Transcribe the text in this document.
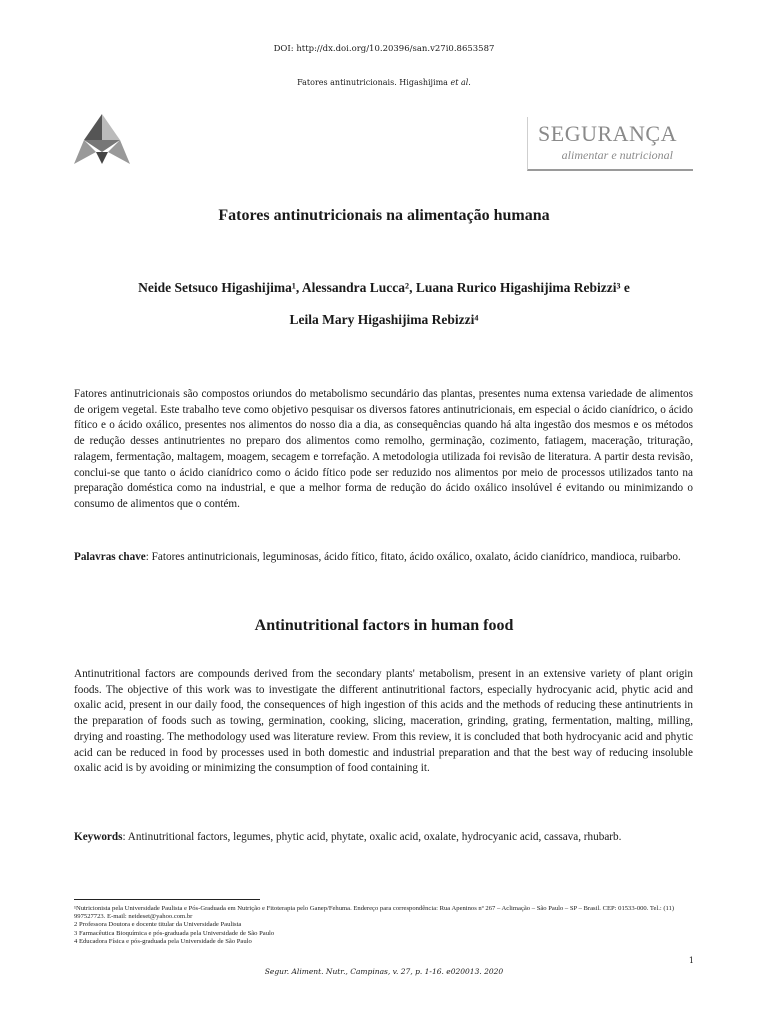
DOI: http://dx.doi.org/10.20396/san.v27i0.8653587
Fatores antinutricionais. Higashijima et al.
SEGURANÇA
alimentar e nutricional
Fatores antinutricionais na alimentação humana
Neide Setsuco Higashijima¹, Alessandra Lucca², Luana Rurico Higashijima Rebizzi³ e
Leila Mary Higashijima Rebizzi⁴
Fatores antinutricionais são compostos oriundos do metabolismo secundário das plantas, presentes numa extensa variedade de alimentos de origem vegetal. Este trabalho teve como objetivo pesquisar os diversos fatores antinutricionais, em especial o ácido cianídrico, o ácido fítico e o ácido oxálico, presentes nos alimentos do nosso dia a dia, as consequências quando há alta ingestão dos mesmos e os métodos de redução desses antinutrientes no preparo dos alimentos como remolho, germinação, cozimento, fatiagem, maceração, trituração, ralagem, fermentação, maltagem, moagem, secagem e torrefação. A metodologia utilizada foi revisão de literatura. A partir desta revisão, conclui-se que tanto o ácido cianídrico como o ácido fítico pode ser reduzido nos alimentos por meio de processos utilizados tanto na preparação doméstica como na industrial, e que a melhor forma de redução do ácido oxálico insolúvel é evitando ou minimizando o consumo de alimentos que o contém.
Palavras chave: Fatores antinutricionais, leguminosas, ácido fítico, fitato, ácido oxálico, oxalato, ácido cianídrico, mandioca, ruibarbo.
Antinutritional factors in human food
Antinutritional factors are compounds derived from the secondary plants' metabolism, present in an extensive variety of plant origin foods. The objective of this work was to investigate the different antinutritional factors, especially hydrocyanic acid, phytic acid and oxalic acid, present in our daily food, the consequences of high ingestion of this acids and the methods of reducing these antinutrients in the preparation of foods such as towing, germination, cooking, slicing, maceration, grinding, grating, fermentation, malting, milling, drying and roasting. The methodology used was literature review. From this review, it is concluded that both hydrocyanic acid and phytic acid can be reduced in food by processes used in both domestic and industrial preparation and that the best way of reducing insoluble oxalic acid is by avoiding or minimizing the consumption of food containing it.
Keywords: Antinutritional factors, legumes, phytic acid, phytate, oxalic acid, oxalate, hydrocyanic acid, cassava, rhubarb.
¹Nutricionista pela Universidade Paulista e Pós-Graduada em Nutrição e Fitoterapia pelo Ganep/Fehuma. Endereço para correspondência: Rua Apeninos nº 267 – Aclimação – São Paulo – SP – Brasil. CEP: 01533-000. Tel.: (11) 997527723. E-mail: neideset@yahoo.com.br
2 Professora Doutora e docente titular da Universidade Paulista
3 Farmacêutica Bioquímica e pós-graduada pela Universidade de São Paulo
4 Educadora Física e pós-graduada pela Universidade de São Paulo
1
Segur. Aliment. Nutr., Campinas, v. 27, p. 1-16. e020013. 2020
